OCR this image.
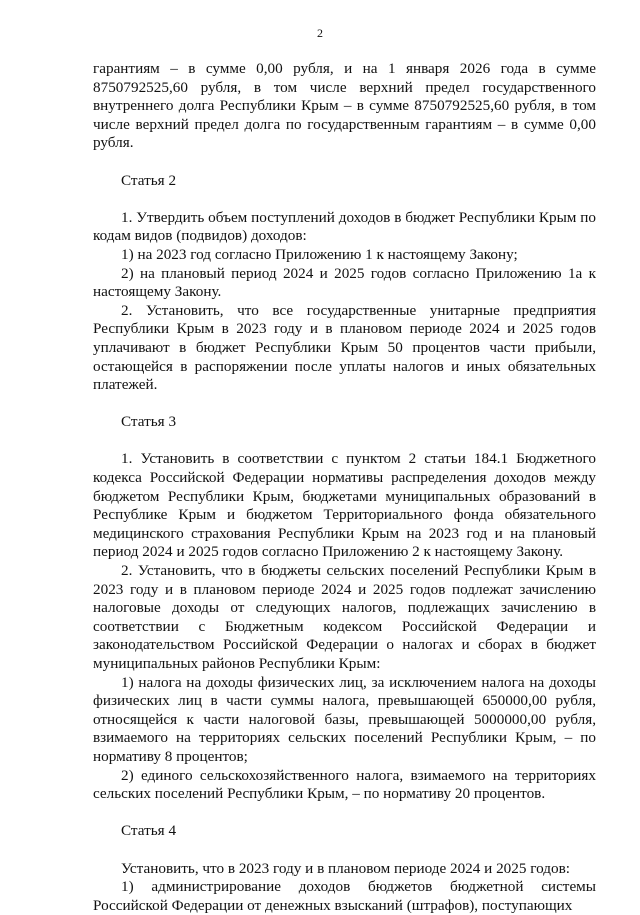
2

гарантиям – в сумме 0,00 рубля, и на 1 января 2026 года в сумме 8750792525,60 рубля, в том числе верхний предел государственного внутреннего долга Республики Крым – в сумме 8750792525,60 рубля, в том числе верхний предел долга по государственным гарантиям – в сумме 0,00 рубля.

Статья 2

1. Утвердить объем поступлений доходов в бюджет Республики Крым по кодам видов (подвидов) доходов:

1) на 2023 год согласно Приложению 1 к настоящему Закону;

2) на плановый период 2024 и 2025 годов согласно Приложению 1а к настоящему Закону.

2. Установить, что все государственные унитарные предприятия Республики Крым в 2023 году и в плановом периоде 2024 и 2025 годов уплачивают в бюджет Республики Крым 50 процентов части прибыли, остающейся в распоряжении после уплаты налогов и иных обязательных платежей.

Статья 3

1. Установить в соответствии с пунктом 2 статьи 184.1 Бюджетного кодекса Российской Федерации нормативы распределения доходов между бюджетом Республики Крым, бюджетами муниципальных образований в Республике Крым и бюджетом Территориального фонда обязательного медицинского страхования Республики Крым на 2023 год и на плановый период 2024 и 2025 годов согласно Приложению 2 к настоящему Закону.

2. Установить, что в бюджеты сельских поселений Республики Крым в 2023 году и в плановом периоде 2024 и 2025 годов подлежат зачислению налоговые доходы от следующих налогов, подлежащих зачислению в соответствии с Бюджетным кодексом Российской Федерации и законодательством Российской Федерации о налогах и сборах в бюджет муниципальных районов Республики Крым:

1) налога на доходы физических лиц, за исключением налога на доходы физических лиц в части суммы налога, превышающей 650000,00 рубля, относящейся к части налоговой базы, превышающей 5000000,00 рубля, взимаемого на территориях сельских поселений Республики Крым, – по нормативу 8 процентов;

2) единого сельскохозяйственного налога, взимаемого на территориях сельских поселений Республики Крым, – по нормативу 20 процентов.

Статья 4

Установить, что в 2023 году и в плановом периоде 2024 и 2025 годов:

1) администрирование доходов бюджетов бюджетной системы Российской Федерации от денежных взысканий (штрафов), поступающих
